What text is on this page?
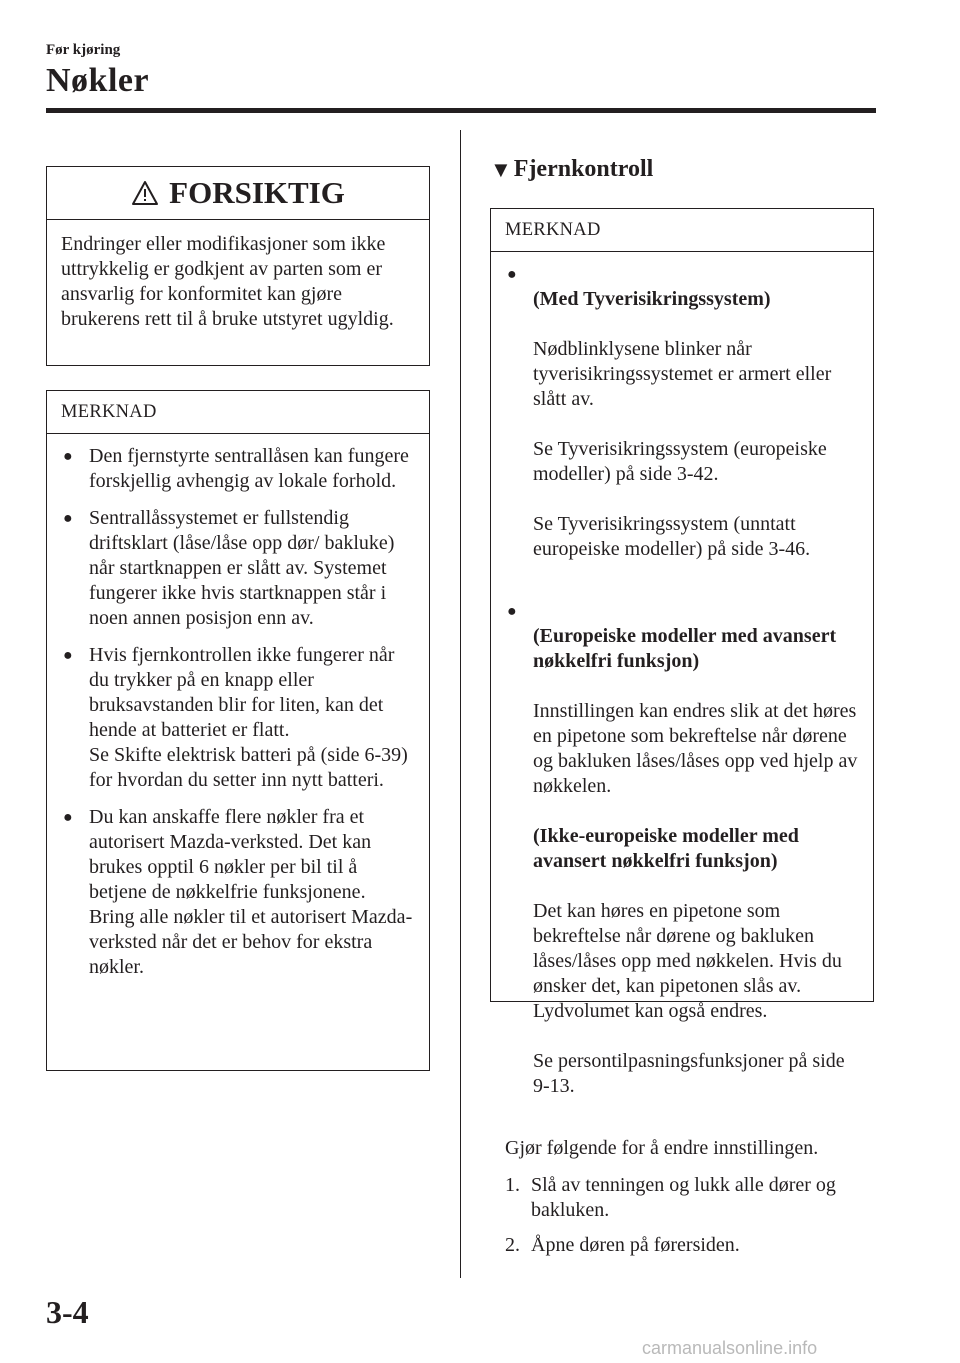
Før kjøring
Nøkler
FORSIKTIG
Endringer eller modifikasjoner som ikke uttrykkelig er godkjent av parten som er ansvarlig for konformitet kan gjøre brukerens rett til å bruke utstyret ugyldig.
MERKNAD
● Den fjernstyrte sentrallåsen kan fungere forskjellig avhengig av lokale forhold.
● Sentrallåssystemet er fullstendig driftsklart (låse/låse opp dør/ bakluke) når startknappen er slått av. Systemet fungerer ikke hvis startknappen står i noen annen posisjon enn av.
● Hvis fjernkontrollen ikke fungerer når du trykker på en knapp eller bruksavstanden blir for liten, kan det hende at batteriet er flatt.
Se Skifte elektrisk batteri på (side 6-39) for hvordan du setter inn nytt batteri.
● Du kan anskaffe flere nøkler fra et autorisert Mazda-verksted. Det kan brukes opptil 6 nøkler per bil til å betjene de nøkkelfrie funksjonene. Bring alle nøkler til et autorisert Mazda-verksted når det er behov for ekstra nøkler.
▼ Fjernkontroll
MERKNAD
●

(Med Tyverisikringssystem)

Nødblinklysene blinker når tyverisikringssystemet er armert eller slått av.

Se Tyverisikringssystem (europeiske modeller) på side 3-42.

Se Tyverisikringssystem (unntatt europeiske modeller) på side 3-46.

●

(Europeiske modeller med avansert nøkkelfri funksjon)

Innstillingen kan endres slik at det høres en pipetone som bekreftelse når dørene og bakluken låses/låses opp ved hjelp av nøkkelen.

(Ikke-europeiske modeller med avansert nøkkelfri funksjon)

Det kan høres en pipetone som bekreftelse når dørene og bakluken låses/låses opp med nøkkelen. Hvis du ønsker det, kan pipetonen slås av. Lydvolumet kan også endres.

Se persontilpasningsfunksjoner på side 9-13.

Gjør følgende for å endre innstillingen.
1. Slå av tenningen og lukk alle dører og bakluken.
2. Åpne døren på førersiden.
3-4
carmanualsonline.info
